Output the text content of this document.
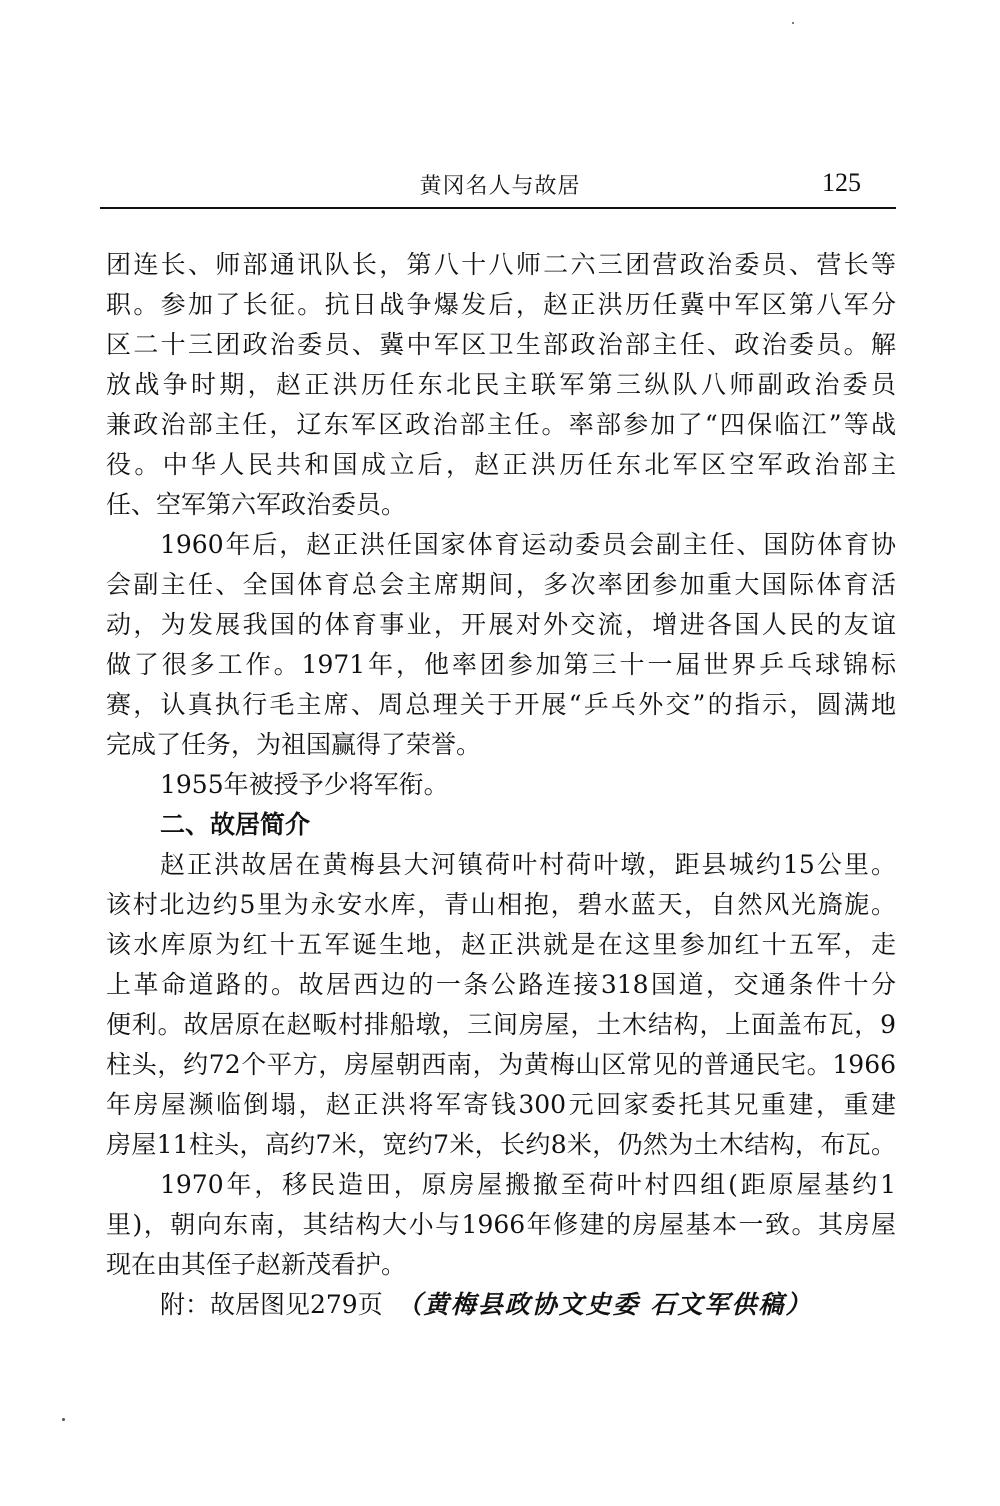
黄冈名人与故居	125
团连长、师部通讯队长，第八十八师二六三团营政治委员、营长等
职。参加了长征。抗日战争爆发后，赵正洪历任冀中军区第八军分
区二十三团政治委员、冀中军区卫生部政治部主任、政治委员。解
放战争时期，赵正洪历任东北民主联军第三纵队八师副政治委员
兼政治部主任，辽东军区政治部主任。率部参加了“四保临江”等战
役。中华人民共和国成立后，赵正洪历任东北军区空军政治部主
任、空军第六军政治委员。
1960年后，赵正洪任国家体育运动委员会副主任、国防体育协
会副主任、全国体育总会主席期间，多次率团参加重大国际体育活
动，为发展我国的体育事业，开展对外交流，增进各国人民的友谊
做了很多工作。1971年，他率团参加第三十一届世界乒乓球锦标
赛，认真执行毛主席、周总理关于开展“乒乓外交”的指示，圆满地
完成了任务，为祖国赢得了荣誉。
1955年被授予少将军衔。
二、故居简介
赵正洪故居在黄梅县大河镇荷叶村荷叶墩，距县城约15公里。
该村北边约5里为永安水库，青山相抱，碧水蓝天，自然风光旖旎。
该水库原为红十五军诞生地，赵正洪就是在这里参加红十五军，走
上革命道路的。故居西边的一条公路连接318国道，交通条件十分
便利。故居原在赵畈村排船墩，三间房屋，土木结构，上面盖布瓦，9
柱头，约72个平方，房屋朝西南，为黄梅山区常见的普通民宅。1966
年房屋濒临倒塌，赵正洪将军寄钱300元回家委托其兄重建，重建
房屋11柱头，高约7米，宽约7米，长约8米，仍然为土木结构，布瓦。
1970年，移民造田，原房屋搬撤至荷叶村四组(距原屋基约1
里)，朝向东南，其结构大小与1966年修建的房屋基本一致。其房屋
现在由其侄子赵新茂看护。
附：故居图见279页 （黄梅县政协文史委 石文军供稿）
